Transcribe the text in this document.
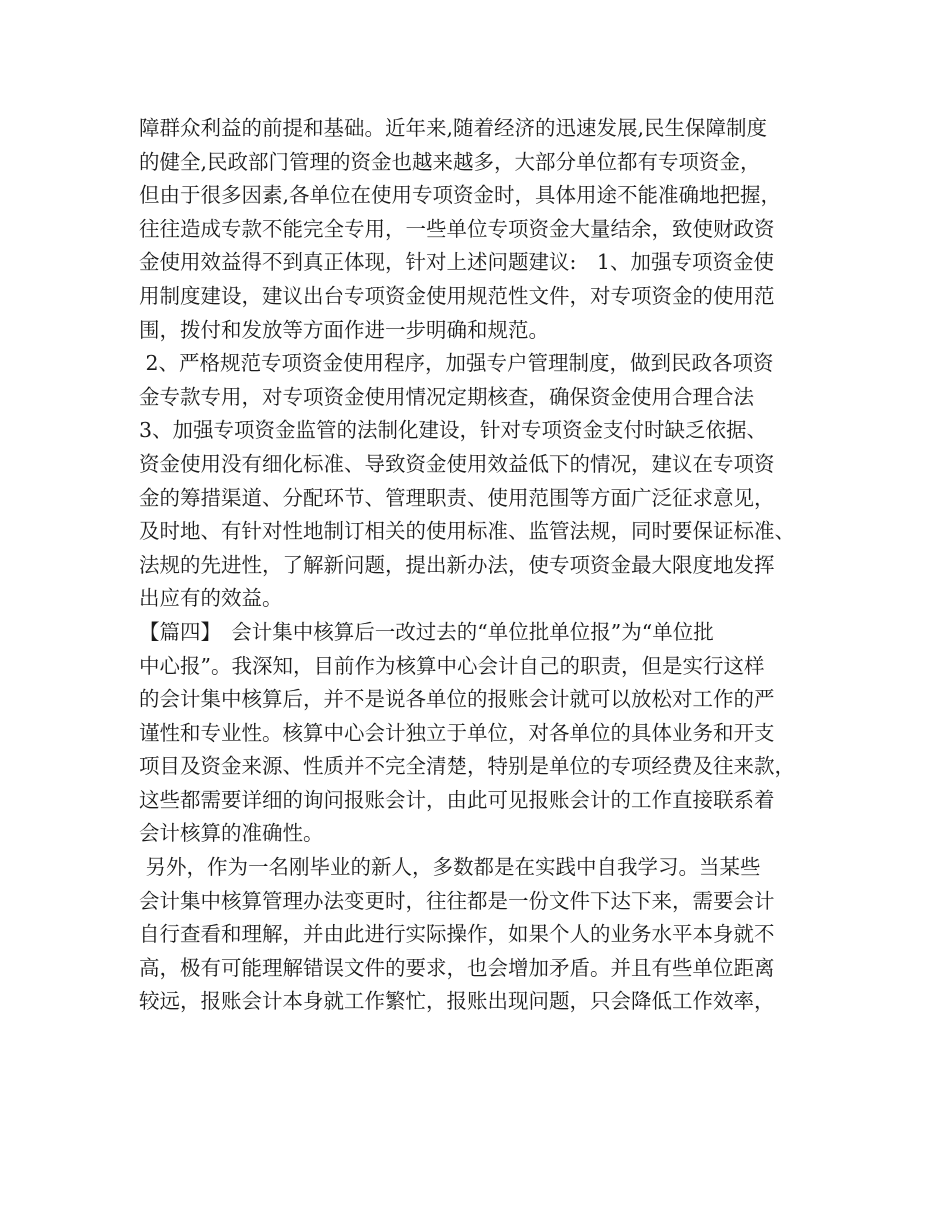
障群众利益的前提和基础。近年来,随着经济的迅速发展,民生保障制度
的健全,民政部门管理的资金也越来越多，大部分单位都有专项资金，
但由于很多因素,各单位在使用专项资金时，具体用途不能准确地把握，
往往造成专款不能完全专用，一些单位专项资金大量结余，致使财政资
金使用效益得不到真正体现，针对上述问题建议:　1、加强专项资金使
用制度建设，建议出台专项资金使用规范性文件，对专项资金的使用范
围，拨付和发放等方面作进一步明确和规范。
2、严格规范专项资金使用程序，加强专户管理制度，做到民政各项资
金专款专用，对专项资金使用情况定期核查，确保资金使用合理合法
3、加强专项资金监管的法制化建设，针对专项资金支付时缺乏依据、
资金使用没有细化标准、导致资金使用效益低下的情况，建议在专项资
金的筹措渠道、分配环节、管理职责、使用范围等方面广泛征求意见，
及时地、有针对性地制订相关的使用标准、监管法规，同时要保证标准、
法规的先进性，了解新问题，提出新办法，使专项资金最大限度地发挥
出应有的效益。
【篇四】　会计集中核算后一改过去的“单位批单位报”为“单位批
中心报”。我深知，目前作为核算中心会计自己的职责，但是实行这样
的会计集中核算后，并不是说各单位的报账会计就可以放松对工作的严
谨性和专业性。核算中心会计独立于单位，对各单位的具体业务和开支
项目及资金来源、性质并不完全清楚，特别是单位的专项经费及往来款，
这些都需要详细的询问报账会计，由此可见报账会计的工作直接联系着
会计核算的准确性。
另外，作为一名刚毕业的新人，多数都是在实践中自我学习。当某些
会计集中核算管理办法变更时，往往都是一份文件下达下来，需要会计
自行查看和理解，并由此进行实际操作，如果个人的业务水平本身就不
高，极有可能理解错误文件的要求，也会增加矛盾。并且有些单位距离
较远，报账会计本身就工作繁忙，报账出现问题，只会降低工作效率，
